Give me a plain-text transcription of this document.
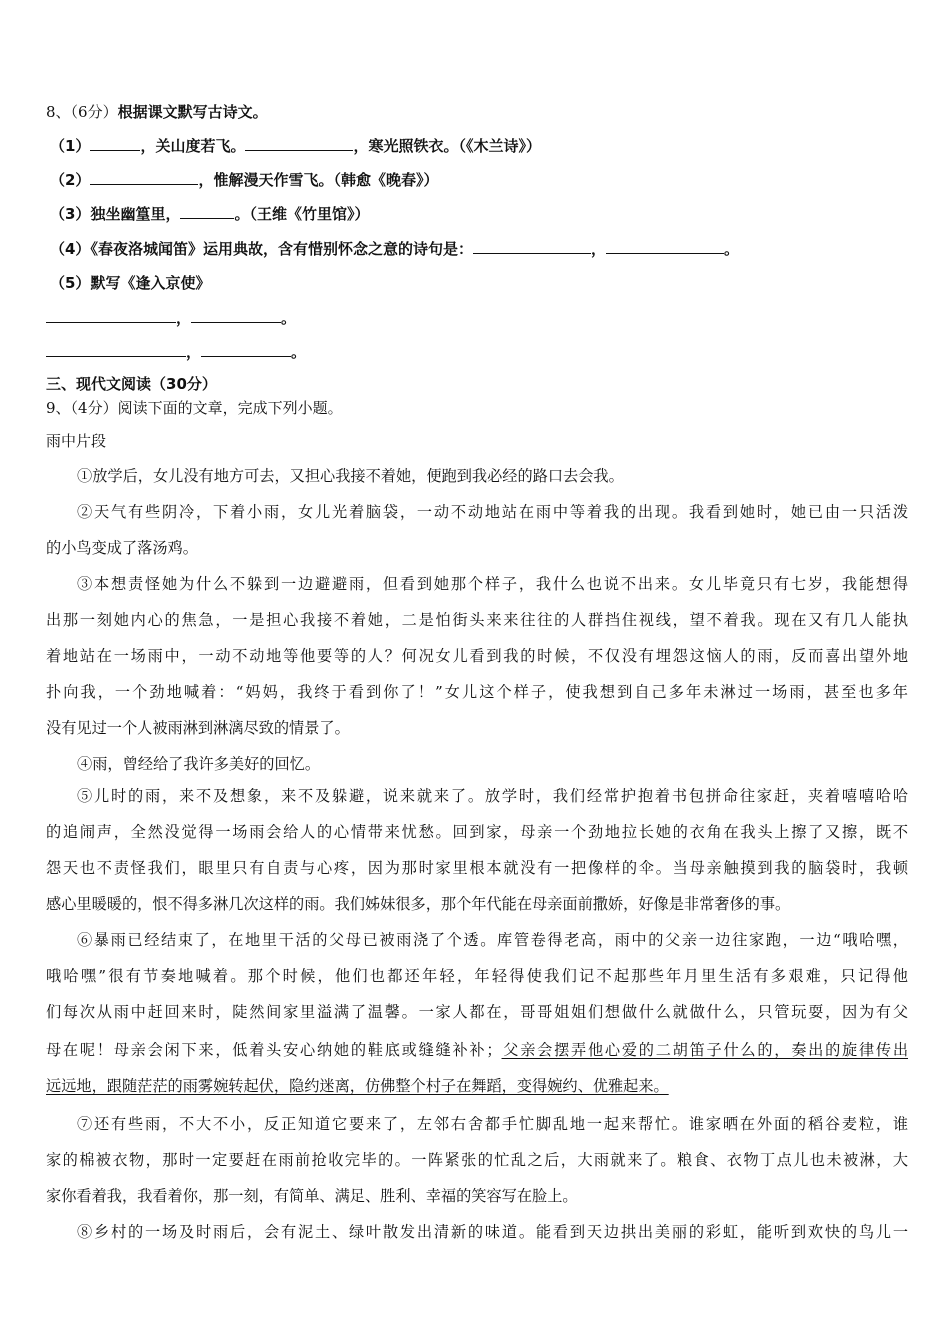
8、（6分）根据课文默写古诗文。
（1）	，关山度若飞。	，寒光照铁衣。（《木兰诗》）
（2）	，惟解漫天作雪飞。（韩愈《晚春》）
（3）独坐幽篁里，	。（王维《竹里馆》）
（4）《春夜洛城闻笛》运用典故，含有惜别怀念之意的诗句是：	，	。
（5）默写《逢入京使》
，	。
，	。
三、现代文阅读（30分）
9、（4分）阅读下面的文章，完成下列小题。
雨中片段
①放学后，女儿没有地方可去，又担心我接不着她，便跑到我必经的路口去会我。
②天气有些阴冷，下着小雨，女儿光着脑袋，一动不动地站在雨中等着我的出现。我看到她时，她已由一只活泼
的小鸟变成了落汤鸡。
③本想责怪她为什么不躲到一边避避雨，但看到她那个样子，我什么也说不出来。女儿毕竟只有七岁，我能想得
出那一刻她内心的焦急，一是担心我接不着她，二是怕街头来来往往的人群挡住视线，望不着我。现在又有几人能执
着地站在一场雨中，一动不动地等他要等的人？何况女儿看到我的时候，不仅没有埋怨这恼人的雨，反而喜出望外地
扑向我，一个劲地喊着：“妈妈，我终于看到你了！”女儿这个样子，使我想到自己多年未淋过一场雨，甚至也多年
没有见过一个人被雨淋到淋漓尽致的情景了。
④雨，曾经给了我许多美好的回忆。
⑤儿时的雨，来不及想象，来不及躲避，说来就来了。放学时，我们经常护抱着书包拼命往家赶，夹着嘻嘻哈哈
的追闹声，全然没觉得一场雨会给人的心情带来忧愁。回到家，母亲一个劲地拉长她的衣角在我头上擦了又擦，既不
怨天也不责怪我们，眼里只有自责与心疼，因为那时家里根本就没有一把像样的伞。当母亲触摸到我的脑袋时，我顿
感心里暖暖的，恨不得多淋几次这样的雨。我们姊妹很多，那个年代能在母亲面前撒娇，好像是非常奢侈的事。
⑥暴雨已经结束了，在地里干活的父母已被雨浇了个透。库管卷得老高，雨中的父亲一边往家跑，一边“哦哈嘿，
哦哈嘿”很有节奏地喊着。那个时候，他们也都还年轻，年轻得使我们记不起那些年月里生活有多艰难，只记得他
们每次从雨中赶回来时，陡然间家里溢满了温馨。一家人都在，哥哥姐姐们想做什么就做什么，只管玩耍，因为有父
母在呢！母亲会闲下来，低着头安心纳她的鞋底或缝缝补补；父亲会摆弄他心爱的二胡笛子什么的，奏出的旋律传出
远远地，跟随茫茫的雨雾婉转起伏，隐约迷离，仿佛整个村子在舞蹈，变得婉约、优雅起来。
⑦还有些雨，不大不小，反正知道它要来了，左邻右舍都手忙脚乱地一起来帮忙。谁家晒在外面的稻谷麦粒，谁
家的棉被衣物，那时一定要赶在雨前抢收完毕的。一阵紧张的忙乱之后，大雨就来了。粮食、衣物丁点儿也未被淋，大
家你看着我，我看着你，那一刻，有简单、满足、胜利、幸福的笑容写在脸上。
⑧乡村的一场及时雨后，会有泥土、绿叶散发出清新的味道。能看到天边拱出美丽的彩虹，能听到欢快的鸟儿一
